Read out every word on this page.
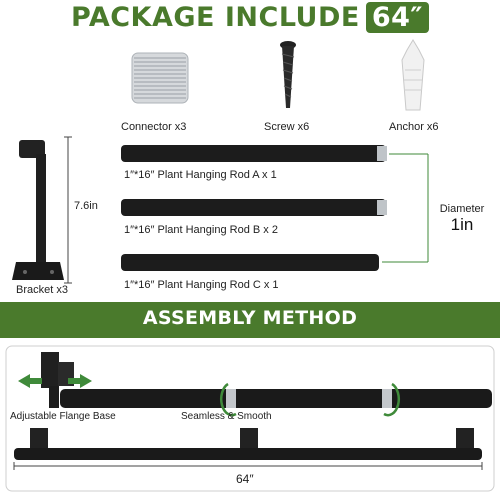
PACKAGE INCLUDE 64″
Connector x3	Screw x6	Anchor x6
Bracket x3
7.6in
1″*16″ Plant Hanging Rod A x 1
1″*16″ Plant Hanging Rod B x 2
1″*16″ Plant Hanging Rod C x 1
Diameter
1in
ASSEMBLY METHOD
Adjustable Flange Base	Seamless & Smooth
64″
